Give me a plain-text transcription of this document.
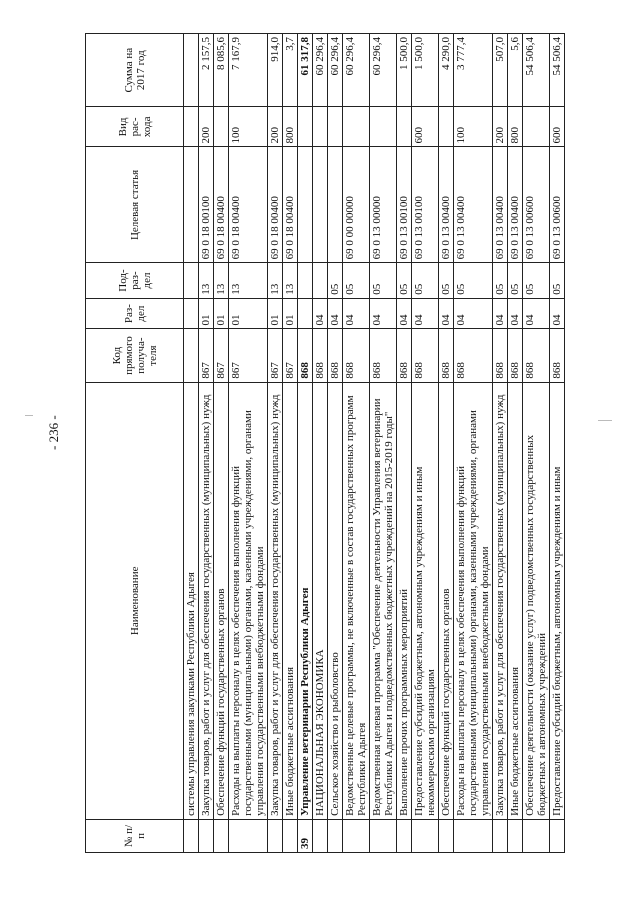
- 236 -
№ п/п	Наименование	Код прямого получа-теля	Раз-дел	Под-раз-дел	Целевая статья	Вид рас-хода	Сумма на 2017 год
	системы управления закупками Республики Адыгея						
	Закупка товаров, работ и услуг для обеспечения государственных (муниципальных) нужд	867	01	13	69 0 18 00100	200	2 157,5
	Обеспечение функций государственных органов	867	01	13	69 0 18 00400		8 085,6
	Расходы на выплаты персоналу в целях обеспечения выполнения функций государственными (муниципальными) органами, казенными учреждениями, органами управления государственными внебюджетными фондами	867	01	13	69 0 18 00400	100	7 167,9
	Закупка товаров, работ и услуг для обеспечения государственных (муниципальных) нужд	867	01	13	69 0 18 00400	200	914,0
	Иные бюджетные ассигнования	867	01	13	69 0 18 00400	800	3,7
39	Управление ветеринарии Республики Адыгея	868					61 317,8
	НАЦИОНАЛЬНАЯ ЭКОНОМИКА	868	04				60 296,4
	Сельское хозяйство и рыболовство	868	04	05			60 296,4
	Ведомственные целевые программы, не включенные в состав государственных программ Республики Адыгея	868	04	05	69 0 00 00000		60 296,4
	Ведомственная целевая программа "Обеспечение деятельности Управления ветеринарии Республики Адыгея и подведомственных бюджетных учреждений на 2015-2019 годы"	868	04	05	69 0 13 00000		60 296,4
	Выполнение прочих программных мероприятий	868	04	05	69 0 13 00100		1 500,0
	Предоставление субсидий бюджетным, автономным учреждениям и иным некоммерческим организациям	868	04	05	69 0 13 00100	600	1 500,0
	Обеспечение функций государственных органов	868	04	05	69 0 13 00400		4 290,0
	Расходы на выплаты персоналу в целях обеспечения выполнения функций государственными (муниципальными) органами, казенными учреждениями, органами управления государственными внебюджетными фондами	868	04	05	69 0 13 00400	100	3 777,4
	Закупка товаров, работ и услуг для обеспечения государственных (муниципальных) нужд	868	04	05	69 0 13 00400	200	507,0
	Иные бюджетные ассигнования	868	04	05	69 0 13 00400	800	5,6
	Обеспечение деятельности (оказание услуг) подведомственных государственных бюджетных и автономных учреждений	868	04	05	69 0 13 00600		54 506,4
	Предоставление субсидий бюджетным, автономным учреждениям и иным	868	04	05	69 0 13 00600	600	54 506,4
